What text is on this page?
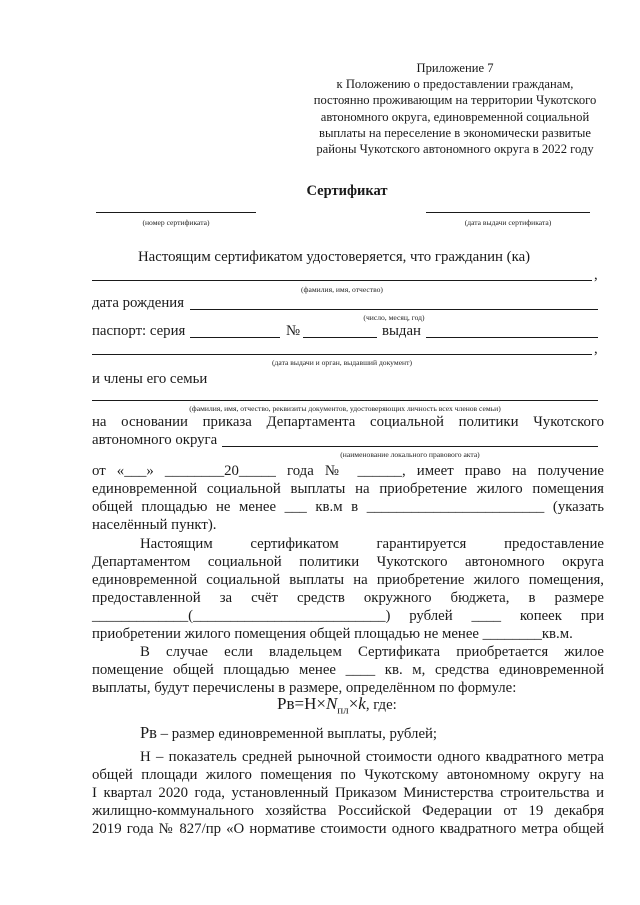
Приложение 7
к Положению о предоставлении гражданам,
постоянно проживающим на территории Чукотского
автономного округа, единовременной социальной
выплаты на переселение в экономически развитые
районы Чукотского автономного округа в 2022 году
Сертификат
(номер сертификата)	(дата выдачи сертификата)
Настоящим сертификатом удостоверяется, что гражданин (ка)
,
(фамилия, имя, отчество)
дата рождения
(число, месяц, год)
паспорт: серия	№	выдан
,
(дата выдачи и орган, выдавший документ)
и члены его семьи
(фамилия, имя, отчество, реквизиты документов, удостоверяющих личность всех членов семьи)
на основании приказа Департамента социальной политики Чукотского
автономного округа
(наименование локального правового акта)
от «___» ________20_____ года № ______, имеет право на получение
единовременной социальной выплаты на приобретение жилого помещения
общей площадью не менее ___ кв.м в ________________________ (указать
населённый пункт).
Настоящим сертификатом гарантируется предоставление
Департаментом социальной политики Чукотского автономного округа
единовременной социальной выплаты на приобретение жилого помещения,
предоставленной за счёт средств окружного бюджета, в размере
_____________(__________________________) рублей ____ копеек при
приобретении жилого помещения общей площадью не менее ________кв.м.
В случае если владельцем Сертификата приобретается жилое
помещение общей площадью менее ____ кв. м, средства единовременной
выплаты, будут перечислены в размере, определённом по формуле:
$Рв=Н\times N_{пл}\times k$, где:
Рв – размер единовременной выплаты, рублей;
Н – показатель средней рыночной стоимости одного квадратного метра
общей площади жилого помещения по Чукотскому автономному округу на
I квартал 2020 года, установленный Приказом Министерства строительства и
жилищно-коммунального хозяйства Российской Федерации от 19 декабря
2019 года № 827/пр «О нормативе стоимости одного квадратного метра общей
